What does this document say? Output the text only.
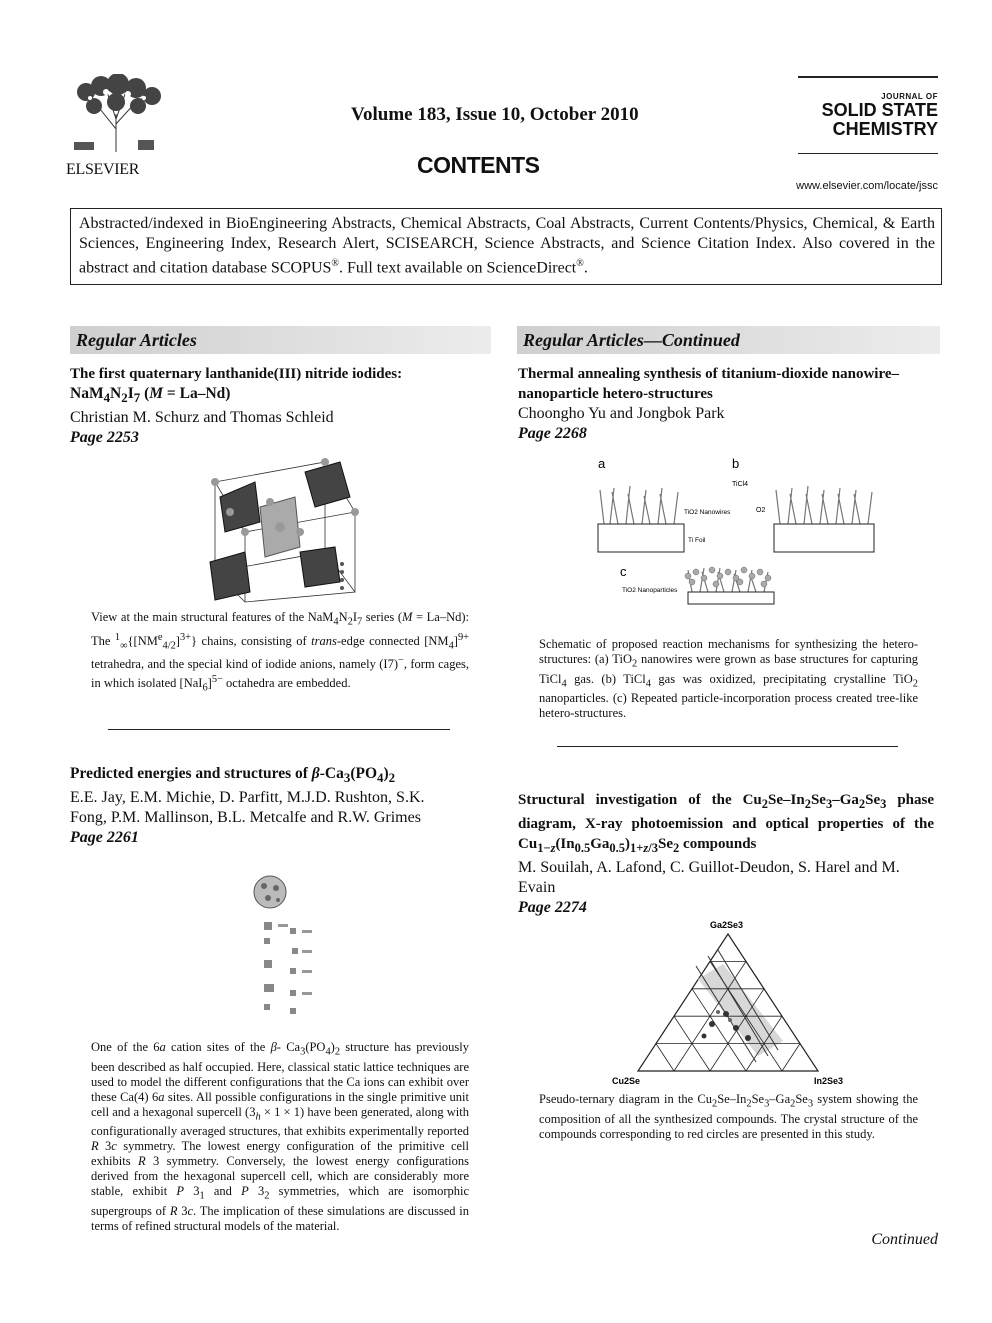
ELSEVIER
Volume 183, Issue 10, October 2010
CONTENTS
JOURNAL OF
SOLID STATE
CHEMISTRY
www.elsevier.com/locate/jssc
Abstracted/indexed in BioEngineering Abstracts, Chemical Abstracts, Coal Abstracts, Current Contents/Physics, Chemical, & Earth Sciences, Engineering Index, Research Alert, SCISEARCH, Science Abstracts, and Science Citation Index. Also covered in the abstract and citation database SCOPUS®. Full text available on ScienceDirect®.
Regular Articles
The first quaternary lanthanide(III) nitride iodides:
$NaM_4N_2I_7$ (M = La–Nd)
Christian M. Schurz and Thomas Schleid
Page 2253
View at the main structural features of the $NaM_4N_2I_7$ series (M = La–Nd): The $^1_\infty\{[NM^e_{4/2}]^{3+}\}$ chains, consisting of trans-edge connected $[NM_4]^{9+}$ tetrahedra, and the special kind of iodide anions, namely (I7)−, form cages, in which isolated $[NaI_6]^{5-}$ octahedra are embedded.
Predicted energies and structures of $\beta-Ca_3(PO_4)_2$
E.E. Jay, E.M. Michie, D. Parfitt, M.J.D. Rushton, S.K. Fong, P.M. Mallinson, B.L. Metcalfe and R.W. Grimes
Page 2261
One of the 6a cation sites of the β- $Ca_3(PO_4)_2$ structure has previously been described as half occupied. Here, classical static lattice techniques are used to model the different configurations that the Ca ions can exhibit over these Ca(4) 6a sites. All possible configurations in the single primitive unit cell and a hexagonal supercell $(3_h \times 1 \times 1)$ have been generated, along with configurationally averaged structures, that exhibits experimentally reported R 3c symmetry. The lowest energy configuration of the primitive cell exhibits R 3 symmetry. Conversely, the lowest energy configurations derived from the hexagonal supercell cell, which are considerably more stable, exhibit P $3_1$ and P $3_2$ symmetries, which are isomorphic supergroups of R 3c. The implication of these simulations are discussed in terms of refined structural models of the material.
Regular Articles—Continued
Thermal annealing synthesis of titanium-dioxide nanowire–nanoparticle hetero-structures
Choongho Yu and Jongbok Park
Page 2268
a	b
c
TiCl4
O2
TiO2 Nanowires
Ti Foil
TiO2 Nanoparticles
Schematic of proposed reaction mechanisms for synthesizing the hetero-structures: (a) TiO$_2$ nanowires were grown as base structures for capturing TiCl$_4$ gas. (b) TiCl$_4$ gas was oxidized, precipitating crystalline TiO$_2$ nanoparticles. (c) Repeated particle-incorporation process created tree-like hetero-structures.
Structural investigation of the $Cu_2Se-In_2Se_3-Ga_2Se_3$ phase diagram, X-ray photoemission and optical properties of the $Cu_{1-z}(In_{0.5}Ga_{0.5})_{1+z/3}Se_2$ compounds
M. Souilah, A. Lafond, C. Guillot-Deudon, S. Harel and M. Evain
Page 2274
Ga2Se3
Cu2Se	In2Se3
Pseudo-ternary diagram in the $Cu_2Se-In_2Se_3-Ga_2Se_3$ system showing the composition of all the synthesized compounds. The crystal structure of the compounds corresponding to red circles are presented in this study.
Continued
